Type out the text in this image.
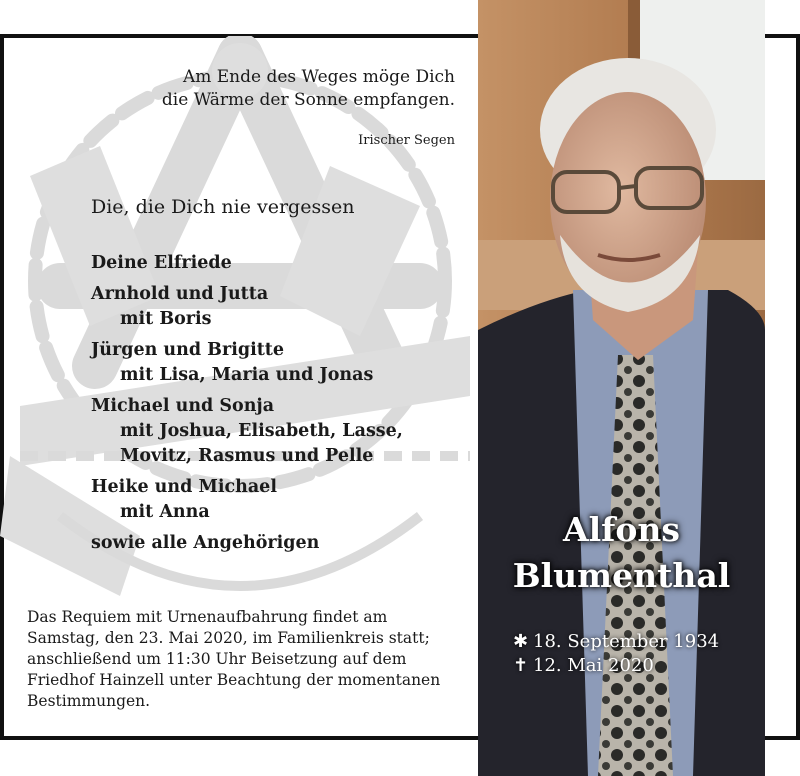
Am Ende des Weges möge Dich
die Wärme der Sonne empfangen.
Irischer Segen
Die, die Dich nie vergessen
Deine Elfriede
Arnhold und Jutta
mit Boris
Jürgen und Brigitte
mit Lisa, Maria und Jonas
Michael und Sonja
mit Joshua, Elisabeth, Lasse,
Movitz, Rasmus und Pelle
Heike und Michael
mit Anna
sowie alle Angehörigen
Das Requiem mit Urnenaufbahrung findet am
Samstag, den 23. Mai 2020, im Familienkreis statt;
anschließend um 11:30 Uhr Beisetzung auf dem
Friedhof Hainzell unter Beachtung der momentanen
Bestimmungen.
Alfons
Blumenthal
✱ 18. September 1934
✝ 12. Mai 2020
